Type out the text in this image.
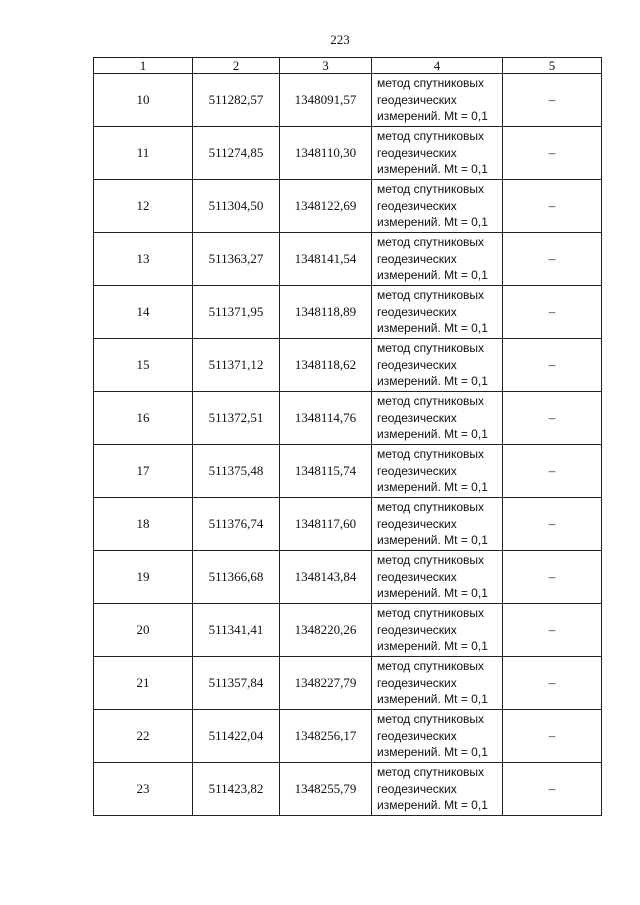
223
1	2	3	4	5
10	511282,57	1348091,57	метод спутниковых
геодезических
измерений. Mt = 0,1	–
11	511274,85	1348110,30	метод спутниковых
геодезических
измерений. Mt = 0,1	–
12	511304,50	1348122,69	метод спутниковых
геодезических
измерений. Mt = 0,1	–
13	511363,27	1348141,54	метод спутниковых
геодезических
измерений. Mt = 0,1	–
14	511371,95	1348118,89	метод спутниковых
геодезических
измерений. Mt = 0,1	–
15	511371,12	1348118,62	метод спутниковых
геодезических
измерений. Mt = 0,1	–
16	511372,51	1348114,76	метод спутниковых
геодезических
измерений. Mt = 0,1	–
17	511375,48	1348115,74	метод спутниковых
геодезических
измерений. Mt = 0,1	–
18	511376,74	1348117,60	метод спутниковых
геодезических
измерений. Mt = 0,1	–
19	511366,68	1348143,84	метод спутниковых
геодезических
измерений. Mt = 0,1	–
20	511341,41	1348220,26	метод спутниковых
геодезических
измерений. Mt = 0,1	–
21	511357,84	1348227,79	метод спутниковых
геодезических
измерений. Mt = 0,1	–
22	511422,04	1348256,17	метод спутниковых
геодезических
измерений. Mt = 0,1	–
23	511423,82	1348255,79	метод спутниковых
геодезических
измерений. Mt = 0,1	–
